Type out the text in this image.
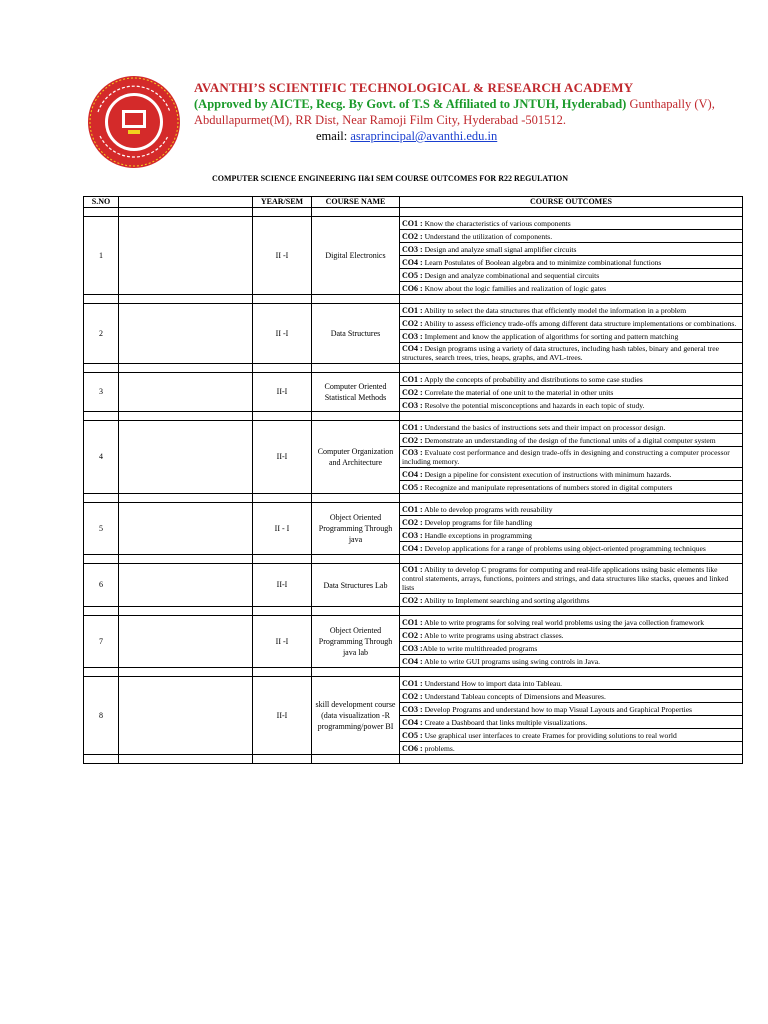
AVANTHI’S SCIENTIFIC TECHNOLOGICAL & RESEARCH ACADEMY
(Approved by AICTE, Recg. By Govt. of T.S & Affiliated to JNTUH, Hyderabad) Gunthapally (V),
Abdullapurmet(M), RR Dist, Near Ramoji Film City, Hyderabad -501512.
email: asraprincipal@avanthi.edu.in
COMPUTER SCIENCE ENGINEERING II&I SEM COURSE OUTCOMES FOR R22 REGULATION
S.NO		YEAR/SEM	COURSE NAME	COURSE OUTCOMES

1		II -I	Digital Electronics	CO1 : Know the characteristics of various components
				CO2 : Understand the utilization of components.
				CO3 : Design and analyze small signal amplifier circuits
				CO4 : Learn Postulates of Boolean algebra and to minimize combinational functions
				CO5 : Design and analyze combinational and sequential circuits
				CO6 : Know about the logic families and realization of logic gates

2		II -I	Data Structures	CO1 : Ability to select the data structures that efficiently model the information in a problem
				CO2 : Ability to assess efficiency trade-offs among different data structure implementations or combinations.
				CO3 : Implement and know the application of algorithms for sorting and pattern matching
				CO4 : Design programs using a variety of data structures, including hash tables, binary and general tree structures, search trees, tries, heaps, graphs, and AVL-trees.

3		II-I	Computer Oriented Statistical Methods	CO1 : Apply the concepts of probability and distributions to some case studies
				CO2 : Correlate the material of one unit to the material in other units
				CO3 : Resolve the potential misconceptions and hazards in each topic of study.

4		II-I	Computer Organization and Architecture	CO1 : Understand the basics of instructions sets and their impact on processor design.
				CO2 : Demonstrate an understanding of the design of the functional units of a digital computer system
				CO3 : Evaluate cost performance and design trade-offs in designing and constructing a computer processor including memory.
				CO4 : Design a pipeline for consistent execution of instructions with minimum hazards.
				CO5 : Recognize and manipulate representations of numbers stored in digital computers

5		II - I	Object Oriented Programming Through java	CO1 : Able to develop programs with reusability
				CO2 : Develop programs for file handling
				CO3 : Handle exceptions in programming
				CO4 : Develop applications for a range of problems using object-oriented programming techniques

6		II-I	Data Structures Lab	CO1 : Ability to develop C programs for computing and real-life applications using basic elements like control statements, arrays, functions, pointers and strings, and data structures like stacks, queues and linked lists
				CO2 : Ability to Implement searching and sorting algorithms

7		II -I	Object Oriented Programming Through java lab	CO1 : Able to write programs for solving real world problems using the java collection framework
				CO2 : Able to write programs using abstract classes.
				CO3 :Able to write multithreaded programs
				CO4 : Able to write GUI programs using swing controls in Java.

8		II-I	skill development course (data visualization -R programming/power BI	CO1 : Understand How to import data into Tableau.
				CO2 : Understand Tableau concepts of Dimensions and Measures.
				CO3 : Develop Programs and understand how to map Visual Layouts and Graphical Properties
				CO4 : Create a Dashboard that links multiple visualizations.
				CO5 : Use graphical user interfaces to create Frames for providing solutions to real world
				CO6 : problems.
